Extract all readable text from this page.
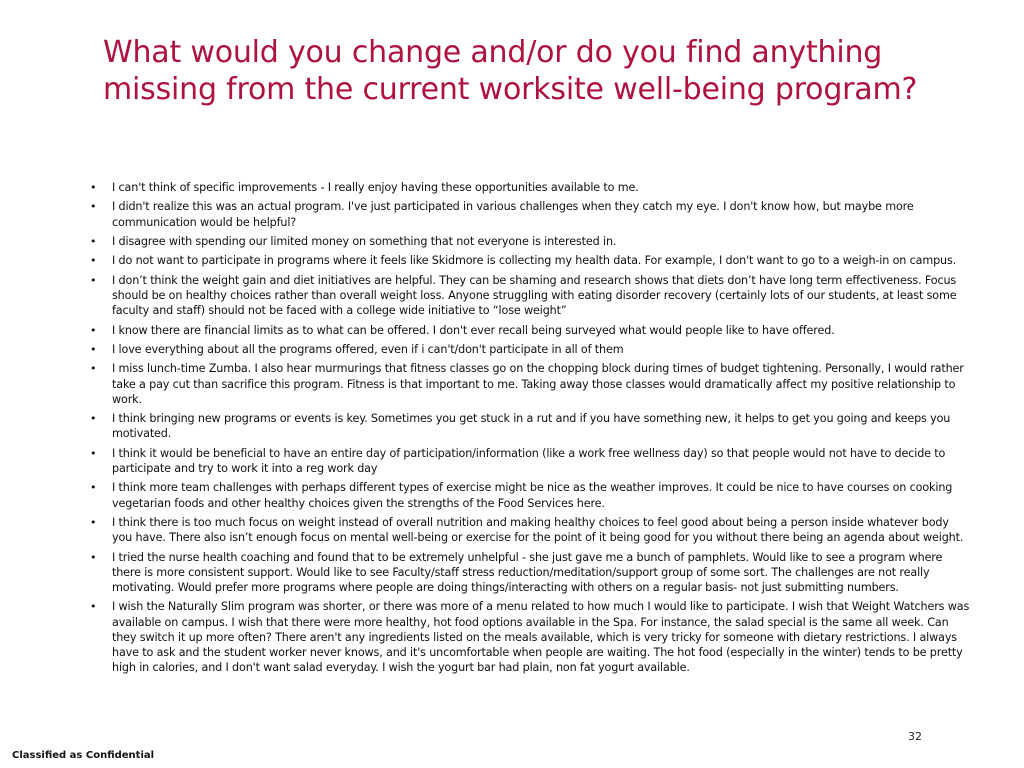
What would you change and/or do you find anything missing from the current worksite well-being program?
• I can't think of specific improvements - I really enjoy having these opportunities available to me.
• I didn't realize this was an actual program. I've just participated in various challenges when they catch my eye. I don't know how, but maybe more communication would be helpful?
• I disagree with spending our limited money on something that not everyone is interested in.
• I do not want to participate in programs where it feels like Skidmore is collecting my health data. For example, I don't want to go to a weigh-in on campus.
• I don’t think the weight gain and diet initiatives are helpful. They can be shaming and research shows that diets don’t have long term effectiveness. Focus should be on healthy choices rather than overall weight loss. Anyone struggling with eating disorder recovery (certainly lots of our students, at least some faculty and staff) should not be faced with a college wide initiative to “lose weight”
• I know there are financial limits as to what can be offered. I don't ever recall being surveyed what would people like to have offered.
• I love everything about all the programs offered, even if i can't/don't participate in all of them
• I miss lunch-time Zumba. I also hear murmurings that fitness classes go on the chopping block during times of budget tightening. Personally, I would rather take a pay cut than sacrifice this program. Fitness is that important to me. Taking away those classes would dramatically affect my positive relationship to work.
• I think bringing new programs or events is key. Sometimes you get stuck in a rut and if you have something new, it helps to get you going and keeps you motivated.
• I think it would be beneficial to have an entire day of participation/information (like a work free wellness day) so that people would not have to decide to participate and try to work it into a reg work day
• I think more team challenges with perhaps different types of exercise might be nice as the weather improves. It could be nice to have courses on cooking vegetarian foods and other healthy choices given the strengths of the Food Services here.
• I think there is too much focus on weight instead of overall nutrition and making healthy choices to feel good about being a person inside whatever body you have. There also isn’t enough focus on mental well-being or exercise for the point of it being good for you without there being an agenda about weight.
• I tried the nurse health coaching and found that to be extremely unhelpful - she just gave me a bunch of pamphlets. Would like to see a program where there is more consistent support. Would like to see Faculty/staff stress reduction/meditation/support group of some sort. The challenges are not really motivating. Would prefer more programs where people are doing things/interacting with others on a regular basis- not just submitting numbers.
• I wish the Naturally Slim program was shorter, or there was more of a menu related to how much I would like to participate. I wish that Weight Watchers was available on campus. I wish that there were more healthy, hot food options available in the Spa. For instance, the salad special is the same all week. Can they switch it up more often? There aren't any ingredients listed on the meals available, which is very tricky for someone with dietary restrictions. I always have to ask and the student worker never knows, and it's uncomfortable when people are waiting. The hot food (especially in the winter) tends to be pretty high in calories, and I don't want salad everyday. I wish the yogurt bar had plain, non fat yogurt available.
32
Classified as Confidential
